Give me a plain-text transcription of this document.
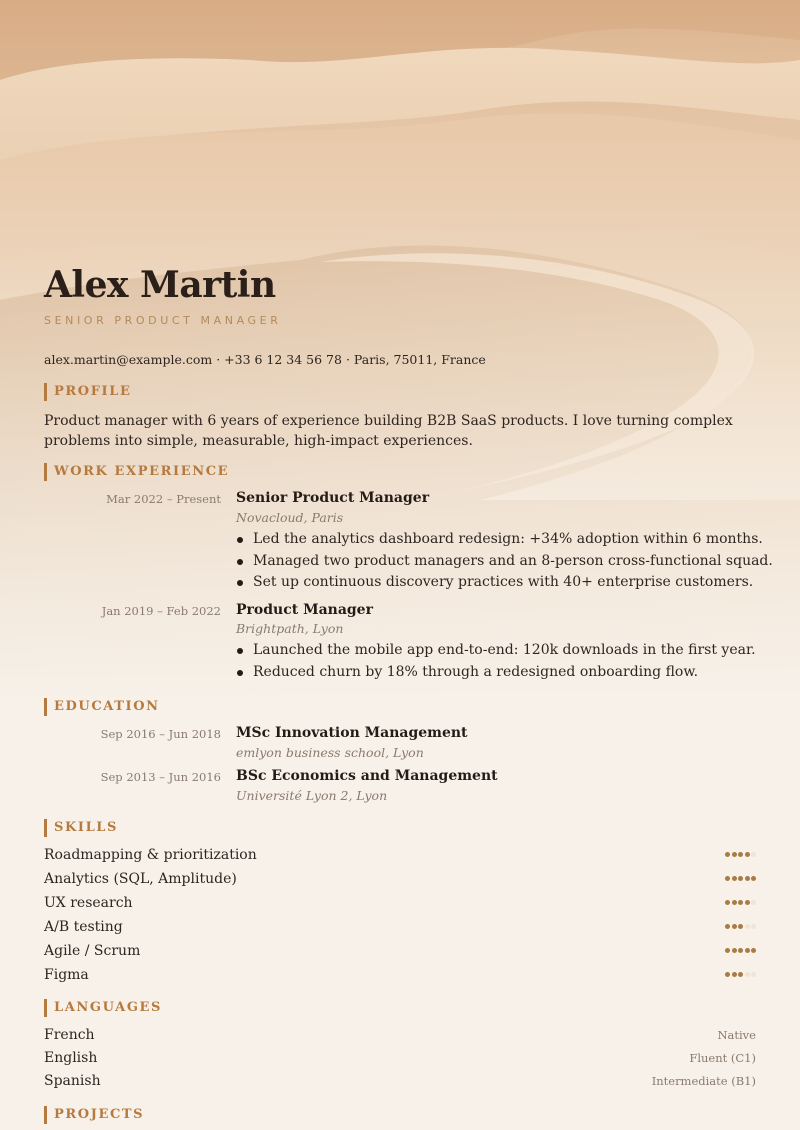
Alex Martin
SENIOR PRODUCT MANAGER
alex.martin@example.com · +33 6 12 34 56 78 · Paris, 75011, France
PROFILE
Product manager with 6 years of experience building B2B SaaS products. I love turning complex problems into simple, measurable, high-impact experiences.
WORK EXPERIENCE
Mar 2022 – Present Senior Product Manager
Novacloud, Paris
Led the analytics dashboard redesign: +34% adoption within 6 months.
Managed two product managers and an 8-person cross-functional squad.
Set up continuous discovery practices with 40+ enterprise customers.
Jan 2019 – Feb 2022 Product Manager
Brightpath, Lyon
Launched the mobile app end-to-end: 120k downloads in the first year.
Reduced churn by 18% through a redesigned onboarding flow.
EDUCATION
Sep 2016 – Jun 2018 MSc Innovation Management
emlyon business school, Lyon
Sep 2013 – Jun 2016 BSc Economics and Management
Université Lyon 2, Lyon
SKILLS
Roadmapping & prioritization
Analytics (SQL, Amplitude)
UX research
A/B testing
Agile / Scrum
Figma
LANGUAGES
French	Native
English	Fluent (C1)
Spanish	Intermediate (B1)
PROJECTS
